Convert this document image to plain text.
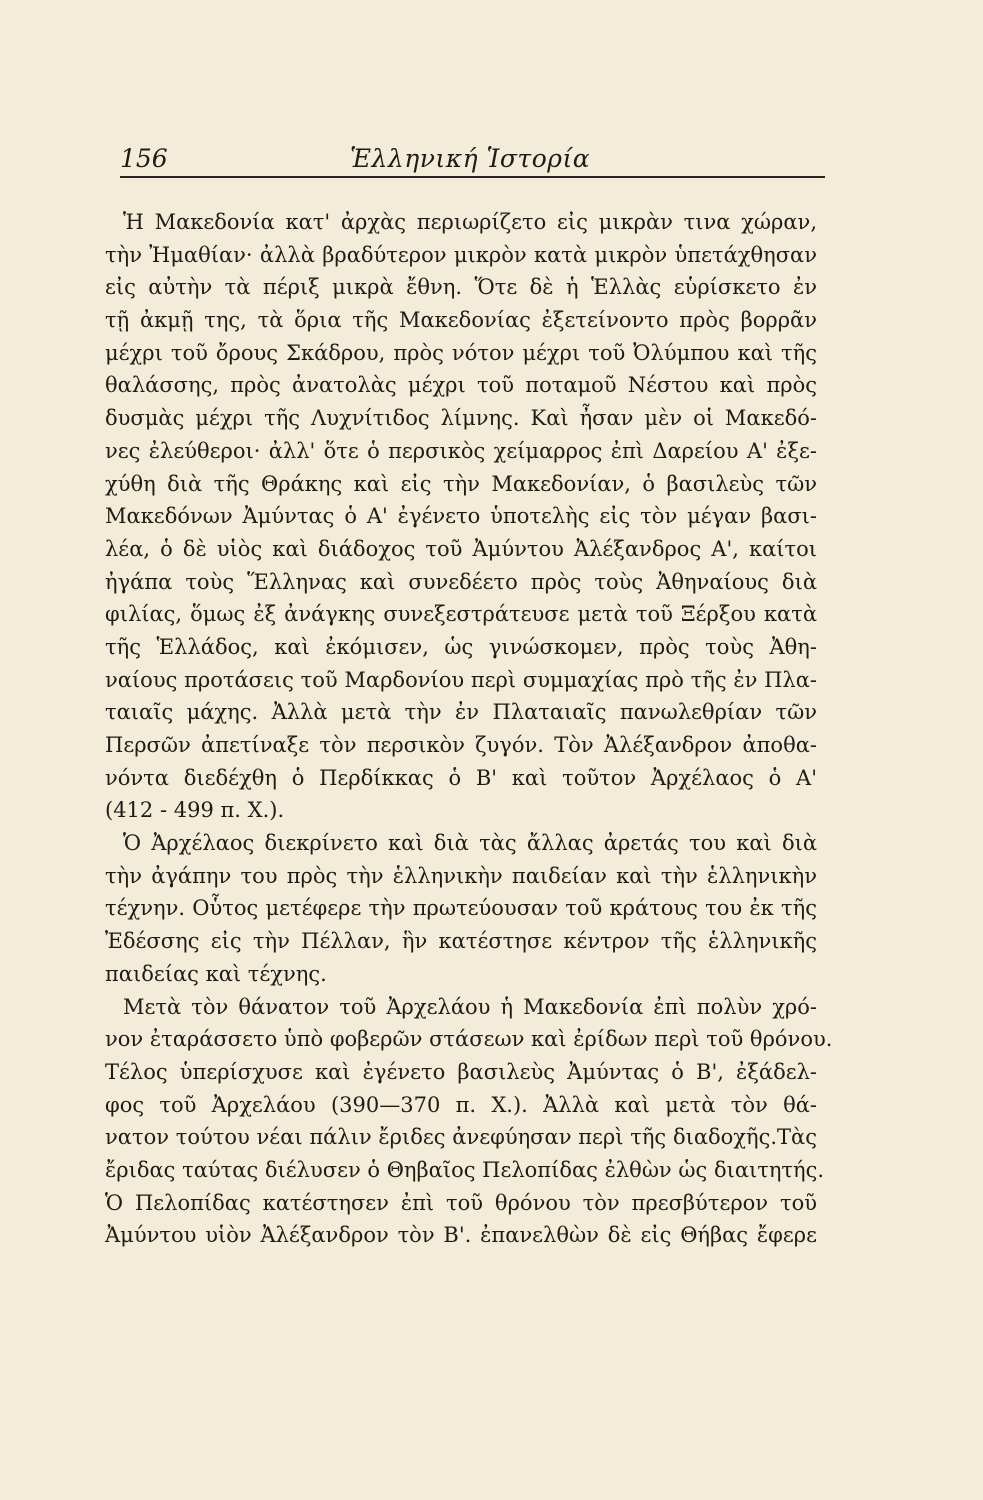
156	Ἑλληνική Ἱστορία
Ἡ Μακεδονία κατ' ἀρχὰς περιωρίζετο εἰς μικρὰν τινα χώραν,
τὴν Ἠμαθίαν· ἀλλὰ βραδύτερον μικρὸν κατὰ μικρὸν ὑπετάχθησαν
εἰς αὐτὴν τὰ πέριξ μικρὰ ἔθνη. Ὅτε δὲ ἡ Ἑλλὰς εὑρίσκετο ἐν
τῇ ἀκμῇ της, τὰ ὅρια τῆς Μακεδονίας ἐξετείνοντο πρὸς βορρᾶν
μέχρι τοῦ ὄρους Σκάδρου, πρὸς νότον μέχρι τοῦ Ὀλύμπου καὶ τῆς
θαλάσσης, πρὸς ἀνατολὰς μέχρι τοῦ ποταμοῦ Νέστου καὶ πρὸς
δυσμὰς μέχρι τῆς Λυχνίτιδος λίμνης. Καὶ ἦσαν μὲν οἱ Μακεδό-
νες ἐλεύθεροι· ἀλλ' ὅτε ὁ περσικὸς χείμαρρος ἐπὶ Δαρείου Α' ἐξε-
χύθη διὰ τῆς Θράκης καὶ εἰς τὴν Μακεδονίαν, ὁ βασιλεὺς τῶν
Μακεδόνων Ἀμύντας ὁ Α' ἐγένετο ὑποτελὴς εἰς τὸν μέγαν βασι-
λέα, ὁ δὲ υἱὸς καὶ διάδοχος τοῦ Ἀμύντου Ἀλέξανδρος Α', καίτοι
ἠγάπα τοὺς Ἕλληνας καὶ συνεδέετο πρὸς τοὺς Ἀθηναίους διὰ
φιλίας, ὅμως ἐξ ἀνάγκης συνεξεστράτευσε μετὰ τοῦ Ξέρξου κατὰ
τῆς Ἑλλάδος, καὶ ἐκόμισεν, ὡς γινώσκομεν, πρὸς τοὺς Ἀθη-
ναίους προτάσεις τοῦ Μαρδονίου περὶ συμμαχίας πρὸ τῆς ἐν Πλα-
ταιαῖς μάχης. Ἀλλὰ μετὰ τὴν ἐν Πλαταιαῖς πανωλεθρίαν τῶν
Περσῶν ἀπετίναξε τὸν περσικὸν ζυγόν. Τὸν Ἀλέξανδρον ἀποθα-
νόντα διεδέχθη ὁ Περδίκκας ὁ Β' καὶ τοῦτον Ἀρχέλαος ὁ Α'
(412 - 499 π. Χ.).
Ὁ Ἀρχέλαος διεκρίνετο καὶ διὰ τὰς ἄλλας ἀρετάς του καὶ διὰ
τὴν ἀγάπην του πρὸς τὴν ἑλληνικὴν παιδείαν καὶ τὴν ἑλληνικὴν
τέχνην. Οὗτος μετέφερε τὴν πρωτεύουσαν τοῦ κράτους του ἐκ τῆς
Ἐδέσσης εἰς τὴν Πέλλαν, ἣν κατέστησε κέντρον τῆς ἑλληνικῆς
παιδείας καὶ τέχνης.
Μετὰ τὸν θάνατον τοῦ Ἀρχελάου ἡ Μακεδονία ἐπὶ πολὺν χρό-
νον ἐταράσσετο ὑπὸ φοβερῶν στάσεων καὶ ἐρίδων περὶ τοῦ θρόνου.
Τέλος ὑπερίσχυσε καὶ ἐγένετο βασιλεὺς Ἀμύντας ὁ Β', ἐξάδελ-
φος τοῦ Ἀρχελάου (390—370 π. Χ.). Ἀλλὰ καὶ μετὰ τὸν θά-
νατον τούτου νέαι πάλιν ἔριδες ἀνεφύησαν περὶ τῆς διαδοχῆς.Τὰς
ἔριδας ταύτας διέλυσεν ὁ Θηβαῖος Πελοπίδας ἐλθὼν ὡς διαιτητής.
Ὁ Πελοπίδας κατέστησεν ἐπὶ τοῦ θρόνου τὸν πρεσβύτερον τοῦ
Ἀμύντου υἱὸν Ἀλέξανδρον τὸν Β'. ἐπανελθὼν δὲ εἰς Θήβας ἔφερε
